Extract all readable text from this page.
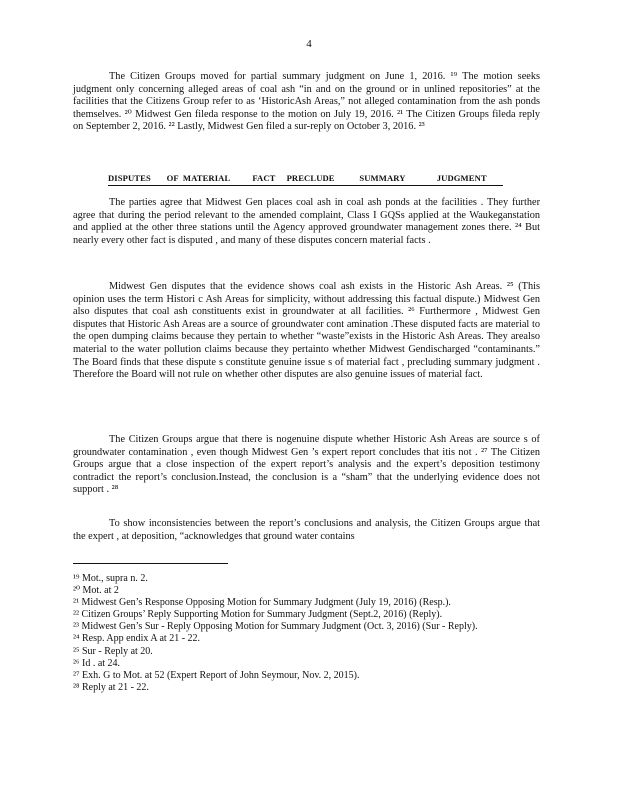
4

The Citizen Groups moved for partial summary judgment on June 1, 2016. ¹⁹ The motion seeks judgment only concerning alleged areas of coal ash “in and on the ground or in unlined repositories” at the facilities that the Citizens Group refer to as ‘HistoricAsh Areas,” not alleged contamination from the ash ponds themselves. ²⁰ Midwest Gen fileda response to the motion on July 19, 2016. ²¹ The Citizen Groups fileda reply on September 2, 2016. ²² Lastly, Midwest Gen filed a sur-reply on October 3, 2016. ²³

DISPUTES       OF  MATERIAL          FACT     PRECLUDE           SUMMARY              JUDGMENT

The parties agree that Midwest Gen places coal ash in coal ash ponds at the facilities . They further agree that during the period relevant to the amended complaint, Class I GQSs applied at the Waukeganstation and applied at the other three stations until the Agency approved groundwater management zones there. ²⁴ But nearly every other fact is disputed , and many of these disputes concern material facts .

Midwest Gen disputes that the evidence shows coal ash exists in the Historic Ash Areas. ²⁵ (This opinion uses the term Histori c Ash Areas for simplicity, without addressing this factual dispute.) Midwest Gen also disputes that coal ash constituents exist in groundwater at all facilities. ²⁶ Furthermore , Midwest Gen disputes that Historic Ash Areas are a source of groundwater cont amination .These disputed facts are material to the open dumping claims because they pertain to whether “waste”exists in the Historic Ash Areas. They arealso material to the water pollution claims because they pertainto whether Midwest Gendischarged “contaminants.” The Board finds that these dispute s constitute genuine issue s of material fact , precluding summary judgment . Therefore the Board will not rule on whether other disputes are also genuine issues of material fact.

The Citizen Groups argue that there is nogenuine dispute whether Historic Ash Areas are source s of groundwater contamination , even though Midwest Gen ’s expert report concludes that itis not . ²⁷ The Citizen Groups argue that a close inspection of the expert report’s analysis and the expert’s deposition testimony contradict the report’s conclusion.Instead, the conclusion is a “sham” that the underlying evidence does not support . ²⁸

To show inconsistencies between the report’s conclusions and analysis, the Citizen Groups argue that the expert , at deposition, “acknowledges that ground water contains

¹⁹ Mot., supra n. 2.
²⁰ Mot. at 2
²¹ Midwest Gen’s Response Opposing Motion for Summary Judgment (July 19, 2016) (Resp.).
²² Citizen Groups’ Reply Supporting Motion for Summary Judgment (Sept.2, 2016) (Reply).
²³ Midwest Gen’s Sur - Reply Opposing Motion for Summary Judgment (Oct. 3, 2016) (Sur - Reply).
²⁴ Resp. App endix A at 21 - 22.
²⁵ Sur - Reply at 20.
²⁶ Id . at 24.
²⁷ Exh. G to Mot. at 52 (Expert Report of John Seymour, Nov. 2, 2015).
²⁸ Reply at 21 - 22.
